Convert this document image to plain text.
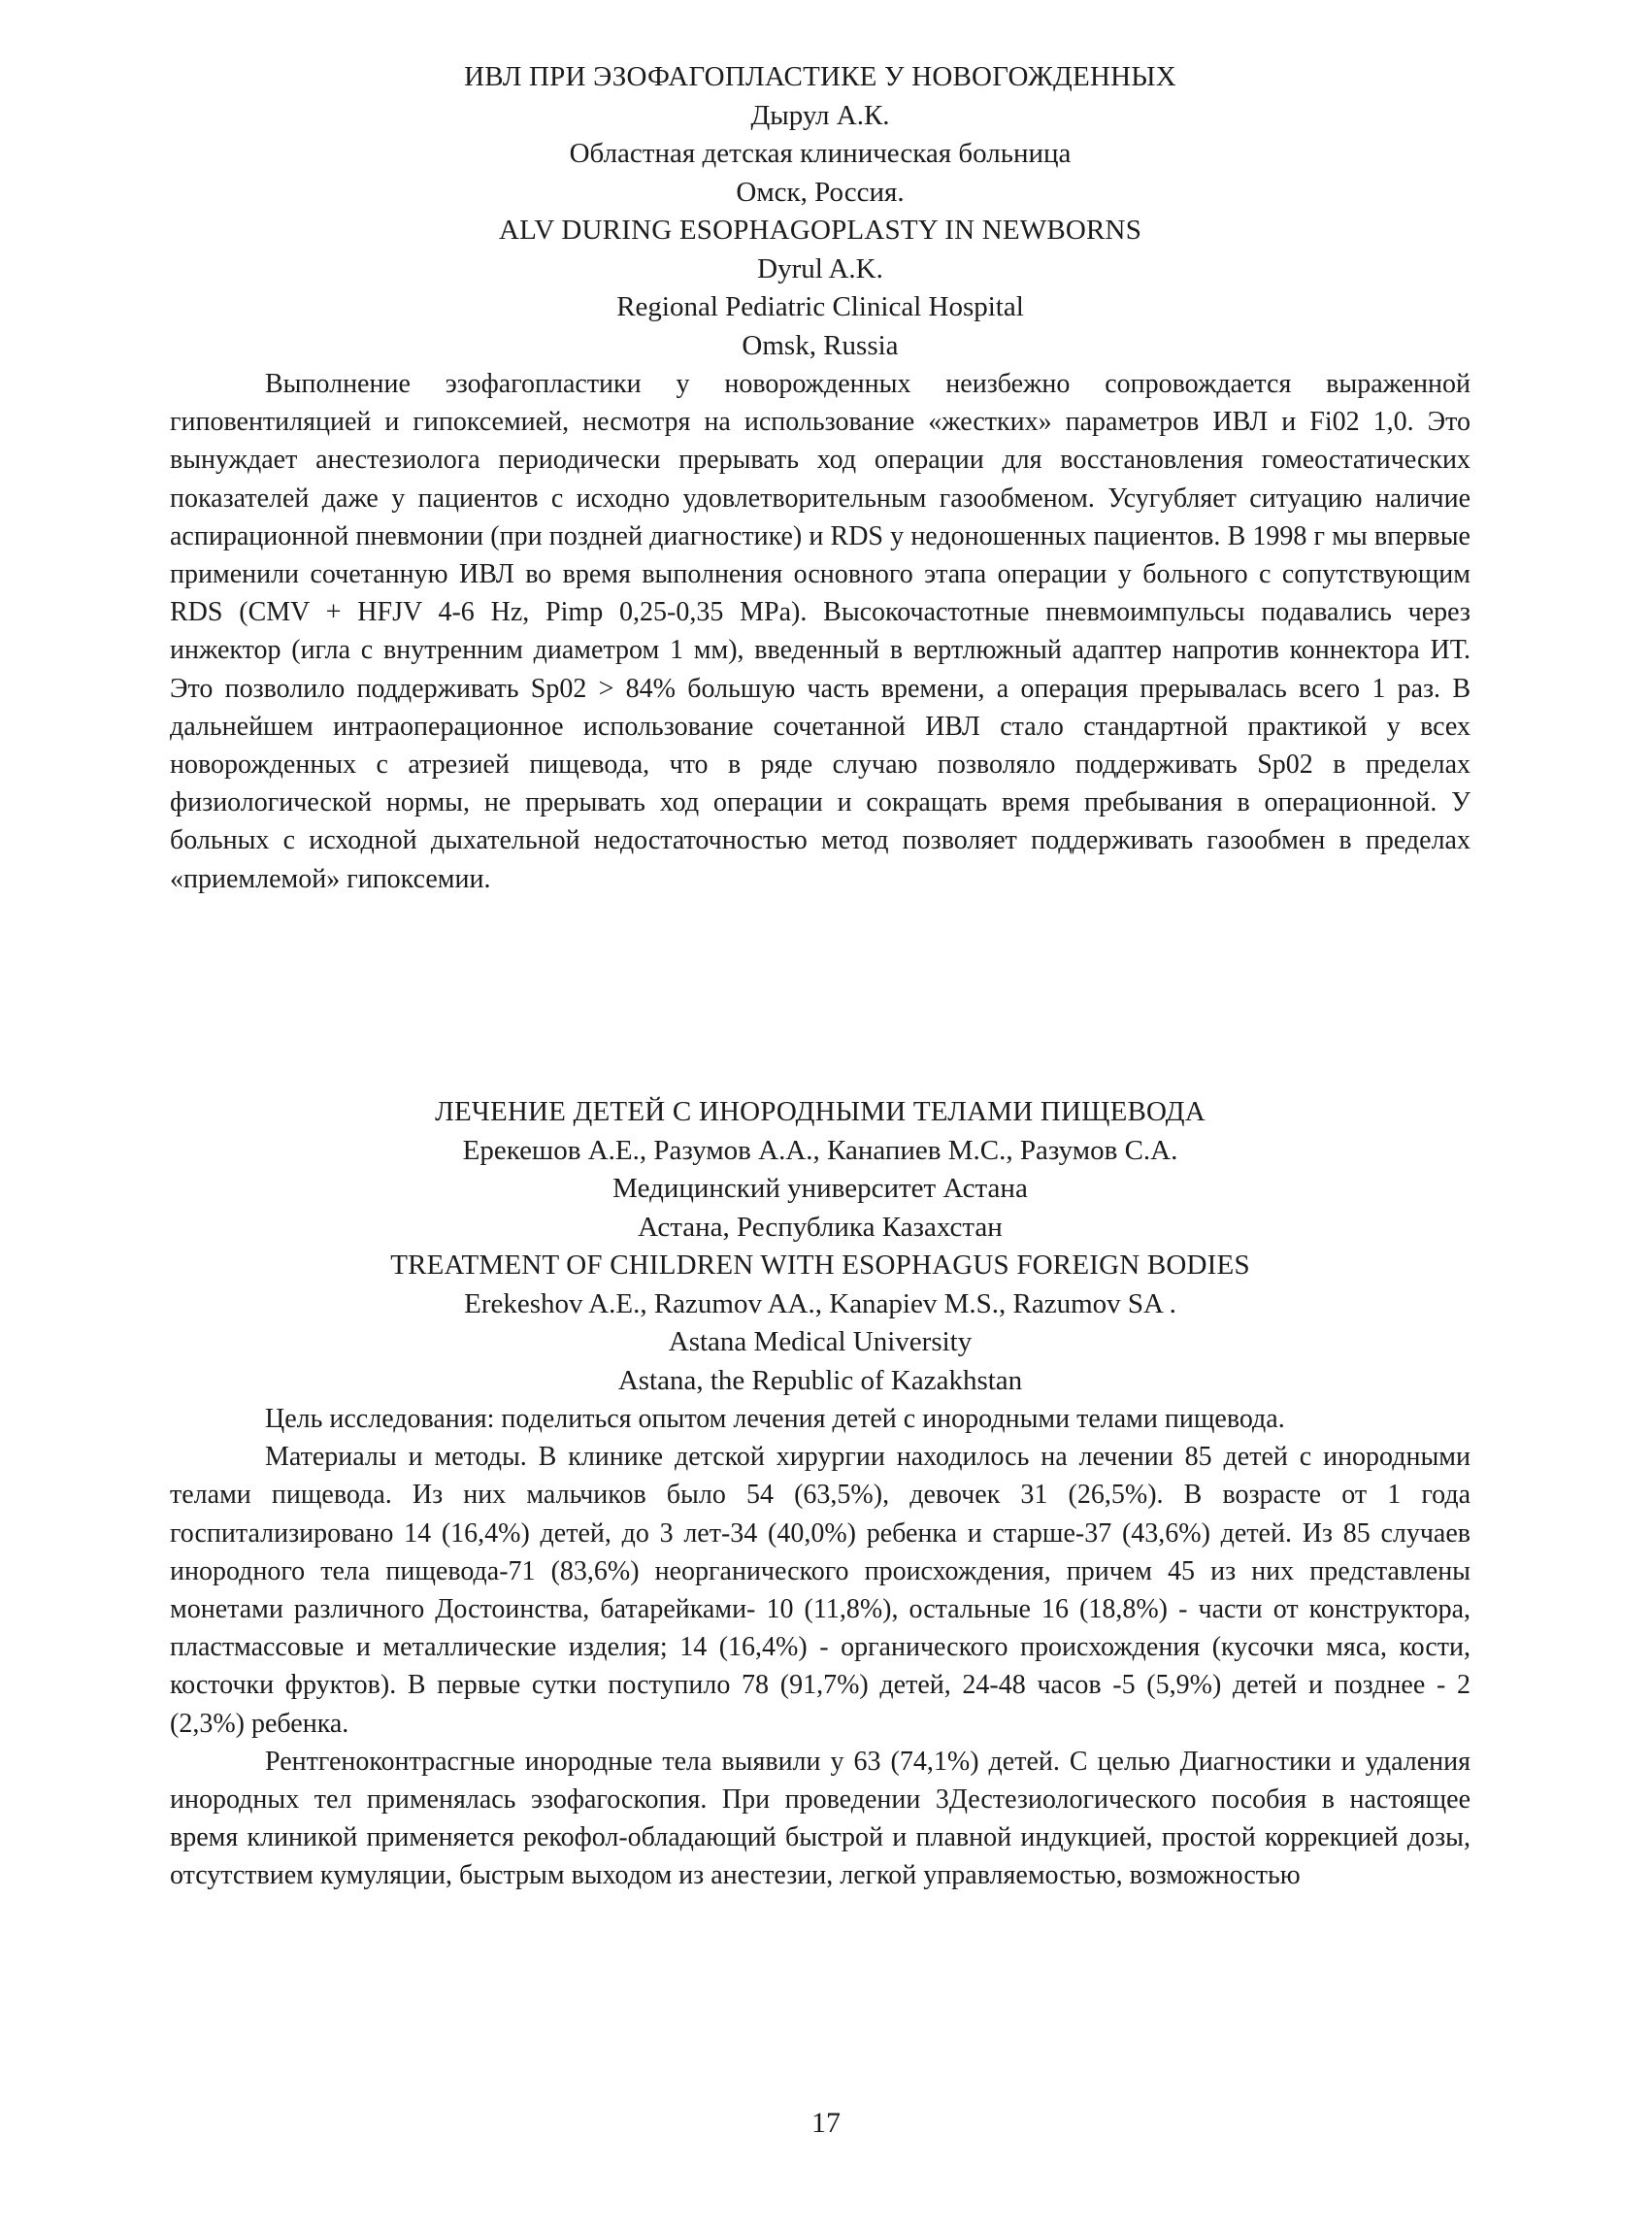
ИВЛ ПРИ ЭЗОФАГОПЛАСТИКЕ У НОВОГОЖДЕННЫХ

Дырул А.К.

Областная детская клиническая больница

Омск, Россия.

ALV DURING ESOPHAGOPLASTY IN NEWBORNS

Dyrul A.K.

Regional Pediatric Clinical Hospital

Omsk, Russia

Выполнение эзофагопластики у новорожденных неизбежно сопровождается выраженной гиповентиляцией и гипоксемией, несмотря на использование «жестких» параметров ИВЛ и Fi02 1,0. Это вынуждает анестезиолога периодически прерывать ход операции для восстановления гомеостатических показателей даже у пациентов с исходно удовлетворительным газообменом. Усугубляет ситуацию наличие аспирационной пневмонии (при поздней диагностике) и RDS у недоношенных пациентов. В 1998 г мы впервые применили сочетанную ИВЛ во время выполнения основного этапа операции у больного с сопутствующим RDS (CMV + HFJV 4-6 Hz, Pimp 0,25-0,35 MPa). Высокочастотные пневмоимпульсы подавались через инжектор (игла с внутренним диаметром 1 мм), введенный в вертлюжный адаптер напротив коннектора ИТ. Это позволило поддерживать Sp02 > 84% большую часть времени, а операция прерывалась всего 1 раз. В дальнейшем интраоперационное использование сочетанной ИВЛ стало стандартной практикой у всех новорожденных с атрезией пищевода, что в ряде случаю позволяло поддерживать Sp02 в пределах физиологической нормы, не прерывать ход операции и сокращать время пребывания в операционной. У больных с исходной дыхательной недостаточностью метод позволяет поддерживать газообмен в пределах «приемлемой» гипоксемии.

ЛЕЧЕНИЕ ДЕТЕЙ С ИНОРОДНЫМИ ТЕЛАМИ ПИЩЕВОДА

Ерекешов А.Е., Разумов А.А., Канапиев М.С., Разумов С.А.

Медицинский университет Астана

Астана, Республика Казахстан

TREATMENT OF CHILDREN WITH ESOPHAGUS FOREIGN BODIES

Erekeshov A.E., Razumov AA., Kanapiev M.S., Razumov SA .

Astana Medical University

Astana, the Republic of Kazakhstan

Цель исследования: поделиться опытом лечения детей с инородными телами пищевода.

Материалы и методы. В клинике детской хирургии находилось на лечении 85 детей с инородными телами пищевода. Из них мальчиков было 54 (63,5%), девочек 31 (26,5%). В возрасте от 1 года госпитализировано 14 (16,4%) детей, до 3 лет-34 (40,0%) ребенка и старше-37 (43,6%) детей. Из 85 случаев инородного тела пищевода-71 (83,6%) неорганического происхождения, причем 45 из них представлены монетами различного Достоинства, батарейками- 10 (11,8%), остальные 16 (18,8%) - части от конструктора, пластмассовые и металлические изделия; 14 (16,4%) - органического происхождения (кусочки мяса, кости, косточки фруктов). В первые сутки поступило 78 (91,7%) детей, 24-48 часов -5 (5,9%) детей и позднее - 2 (2,3%) ребенка.

Рентгеноконтрасгные инородные тела выявили у 63 (74,1%) детей. С целью Диагностики и удаления инородных тел применялась эзофагоскопия. При проведении 3Дестезиологического пособия в настоящее время клиникой применяется рекофол-обладающий быстрой и плавной индукцией, простой коррекцией дозы, отсутствием кумуляции, быстрым выходом из анестезии, легкой управляемостью, возможностью

17
